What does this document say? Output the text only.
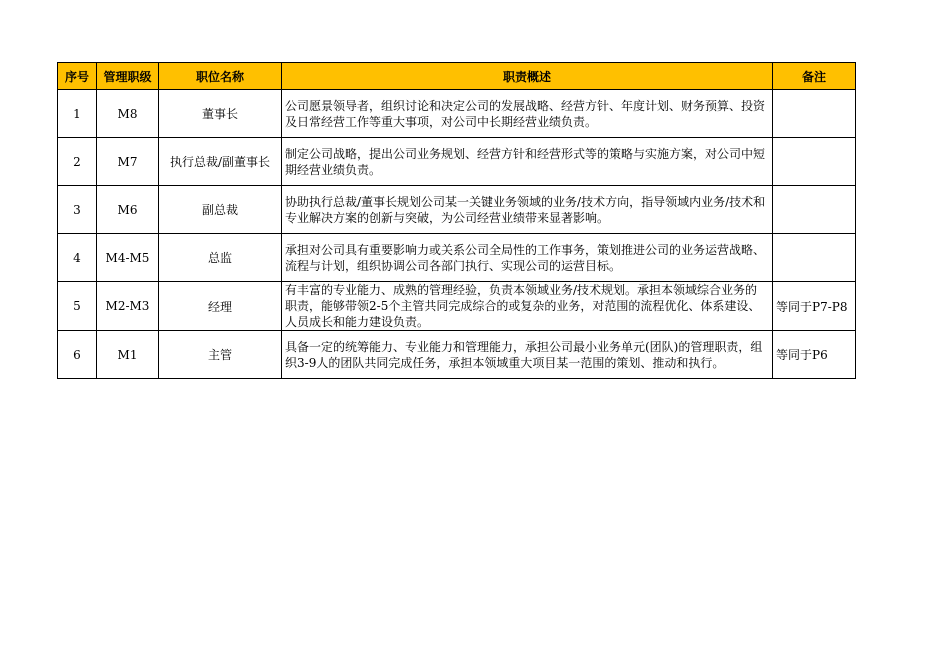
序号	管理职级	职位名称	职责概述	备注
1	M8	董事长	公司愿景领导者，组织讨论和决定公司的发展战略、经营方针、年度计划、财务预算、投资及日常经营工作等重大事项，对公司中长期经营业绩负责。	
2	M7	执行总裁/副董事长	制定公司战略，提出公司业务规划、经营方针和经营形式等的策略与实施方案，对公司中短期经营业绩负责。	
3	M6	副总裁	协助执行总裁/董事长规划公司某一关键业务领域的业务/技术方向，指导领域内业务/技术和专业解决方案的创新与突破，为公司经营业绩带来显著影响。	
4	M4-M5	总监	承担对公司具有重要影响力或关系公司全局性的工作事务，策划推进公司的业务运营战略、流程与计划，组织协调公司各部门执行、实现公司的运营目标。	
5	M2-M3	经理	有丰富的专业能力、成熟的管理经验，负责本领域业务/技术规划。承担本领域综合业务的职责，能够带领2-5个主管共同完成综合的或复杂的业务，对范围的流程优化、体系建设、人员成长和能力建设负责。	等同于P7-P8
6	M1	主管	具备一定的统筹能力、专业能力和管理能力，承担公司最小业务单元(团队)的管理职责，组织3-9人的团队共同完成任务，承担本领域重大项目某一范围的策划、推动和执行。	等同于P6
